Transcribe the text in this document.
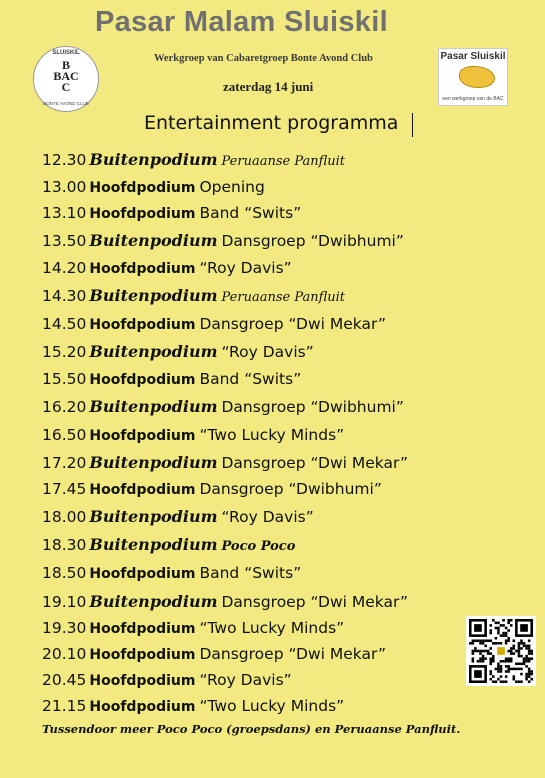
Pasar Malam Sluiskil
SLUISKIL
B
BAC
C
BONTE AVOND CLUB
Werkgroep van Cabaretgroep Bonte Avond Club
zaterdag 14 juni
Pasar Sluiskil
een werkgroep van de BAC
Entertainment programma
12.30 Buitenpodium Peruaanse Panfluit
13.00 Hoofdpodium Opening
13.10 Hoofdpodium Band “Swits”
13.50 Buitenpodium Dansgroep “Dwibhumi”
14.20 Hoofdpodium “Roy Davis”
14.30 Buitenpodium Peruaanse Panfluit
14.50 Hoofdpodium Dansgroep “Dwi Mekar”
15.20 Buitenpodium “Roy Davis”
15.50 Hoofdpodium Band “Swits”
16.20 Buitenpodium Dansgroep “Dwibhumi”
16.50 Hoofdpodium “Two Lucky Minds”
17.20 Buitenpodium Dansgroep “Dwi Mekar”
17.45 Hoofdpodium Dansgroep “Dwibhumi”
18.00 Buitenpodium “Roy Davis”
18.30 Buitenpodium Poco Poco
18.50 Hoofdpodium Band “Swits”
19.10 Buitenpodium Dansgroep “Dwi Mekar”
19.30 Hoofdpodium “Two Lucky Minds”
20.10 Hoofdpodium Dansgroep “Dwi Mekar”
20.45 Hoofdpodium “Roy Davis”
21.15 Hoofdpodium “Two Lucky Minds”
Tussendoor meer Poco Poco (groepsdans) en Peruaanse Panfluit.
